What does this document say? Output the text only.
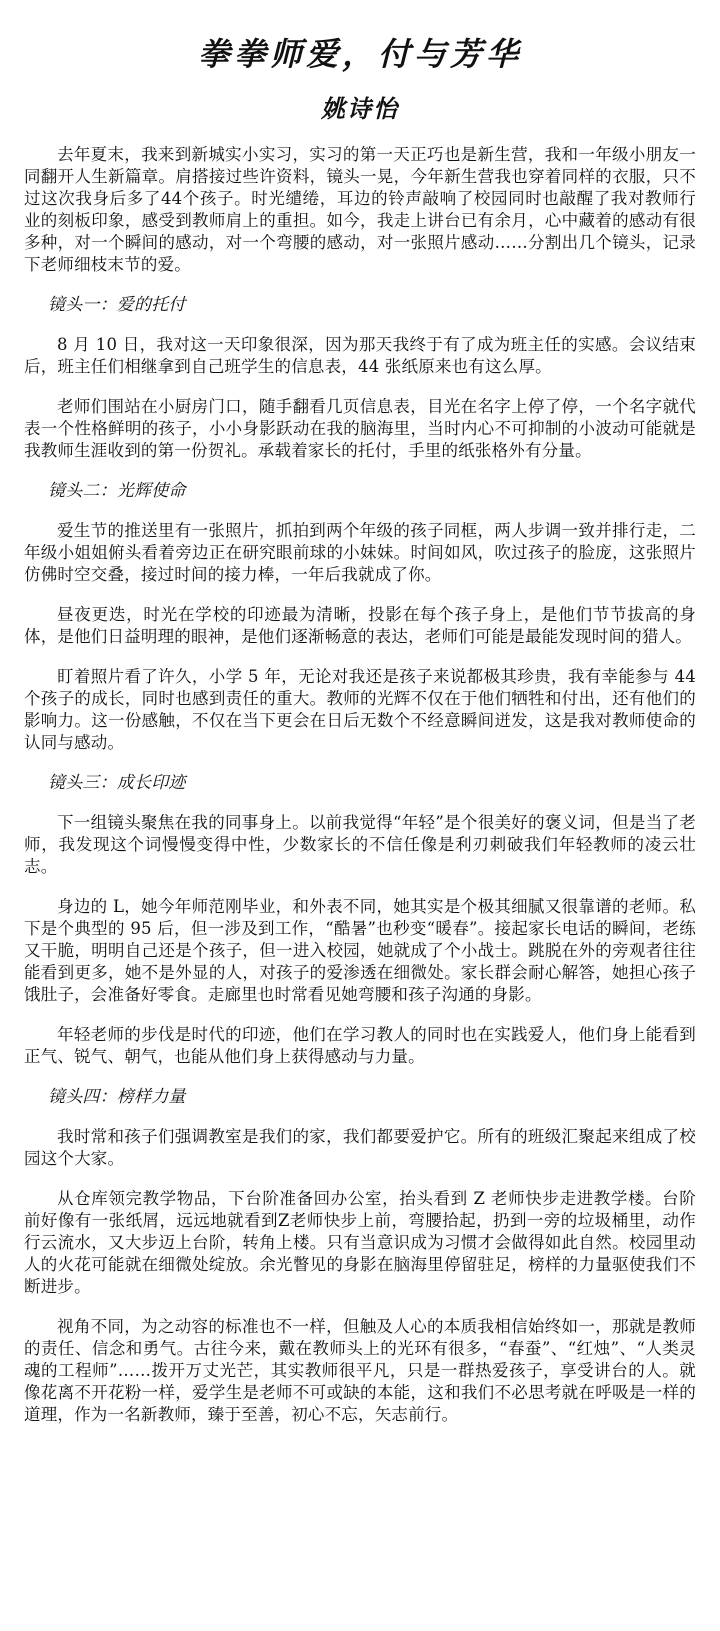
拳拳师爱，付与芳华
姚诗怡

去年夏末，我来到新城实小实习，实习的第一天正巧也是新生营，我和一年级小朋友一同翻开人生新篇章。肩搭接过些许资料，镜头一晃，今年新生营我也穿着同样的衣服，只不过这次我身后多了44个孩子。时光缱绻，耳边的铃声敲响了校园同时也敲醒了我对教师行业的刻板印象，感受到教师肩上的重担。如今，我走上讲台已有余月，心中藏着的感动有很多种，对一个瞬间的感动，对一个弯腰的感动，对一张照片感动……分割出几个镜头，记录下老师细枝末节的爱。

镜头一：爱的托付

8 月 10 日，我对这一天印象很深，因为那天我终于有了成为班主任的实感。会议结束后，班主任们相继拿到自己班学生的信息表，44 张纸原来也有这么厚。

老师们围站在小厨房门口，随手翻看几页信息表，目光在名字上停了停，一个名字就代表一个性格鲜明的孩子，小小身影跃动在我的脑海里，当时内心不可抑制的小波动可能就是我教师生涯收到的第一份贺礼。承载着家长的托付，手里的纸张格外有分量。

镜头二：光辉使命

爱生节的推送里有一张照片，抓拍到两个年级的孩子同框，两人步调一致并排行走，二年级小姐姐俯头看着旁边正在研究眼前球的小妹妹。时间如风，吹过孩子的脸庞，这张照片仿佛时空交叠，接过时间的接力棒，一年后我就成了你。

昼夜更迭，时光在学校的印迹最为清晰，投影在每个孩子身上，是他们节节拔高的身体，是他们日益明理的眼神，是他们逐渐畅意的表达，老师们可能是最能发现时间的猎人。

盯着照片看了许久，小学 5 年，无论对我还是孩子来说都极其珍贵，我有幸能参与 44 个孩子的成长，同时也感到责任的重大。教师的光辉不仅在于他们牺牲和付出，还有他们的影响力。这一份感触，不仅在当下更会在日后无数个不经意瞬间迸发，这是我对教师使命的认同与感动。

镜头三：成长印迹

下一组镜头聚焦在我的同事身上。以前我觉得“年轻”是个很美好的褒义词，但是当了老师，我发现这个词慢慢变得中性，少数家长的不信任像是利刃刺破我们年轻教师的凌云壮志。

身边的 L，她今年师范刚毕业，和外表不同，她其实是个极其细腻又很靠谱的老师。私下是个典型的 95 后，但一涉及到工作，“酷暑”也秒变“暖春”。接起家长电话的瞬间，老练又干脆，明明自己还是个孩子，但一进入校园，她就成了个小战士。跳脱在外的旁观者往往能看到更多，她不是外显的人，对孩子的爱渗透在细微处。家长群会耐心解答，她担心孩子饿肚子，会准备好零食。走廊里也时常看见她弯腰和孩子沟通的身影。

年轻老师的步伐是时代的印迹，他们在学习教人的同时也在实践爱人，他们身上能看到正气、锐气、朝气，也能从他们身上获得感动与力量。

镜头四：榜样力量

我时常和孩子们强调教室是我们的家，我们都要爱护它。所有的班级汇聚起来组成了校园这个大家。

从仓库领完教学物品，下台阶准备回办公室，抬头看到 Z 老师快步走进教学楼。台阶前好像有一张纸屑，远远地就看到Z老师快步上前，弯腰拾起，扔到一旁的垃圾桶里，动作行云流水，又大步迈上台阶，转角上楼。只有当意识成为习惯才会做得如此自然。校园里动人的火花可能就在细微处绽放。余光瞥见的身影在脑海里停留驻足，榜样的力量驱使我们不断进步。

视角不同，为之动容的标准也不一样，但触及人心的本质我相信始终如一，那就是教师的责任、信念和勇气。古往今来，戴在教师头上的光环有很多，“春蚕”、“红烛”、“人类灵魂的工程师”……拨开万丈光芒，其实教师很平凡，只是一群热爱孩子，享受讲台的人。就像花离不开花粉一样，爱学生是老师不可或缺的本能，这和我们不必思考就在呼吸是一样的道理，作为一名新教师，臻于至善，初心不忘，矢志前行。
